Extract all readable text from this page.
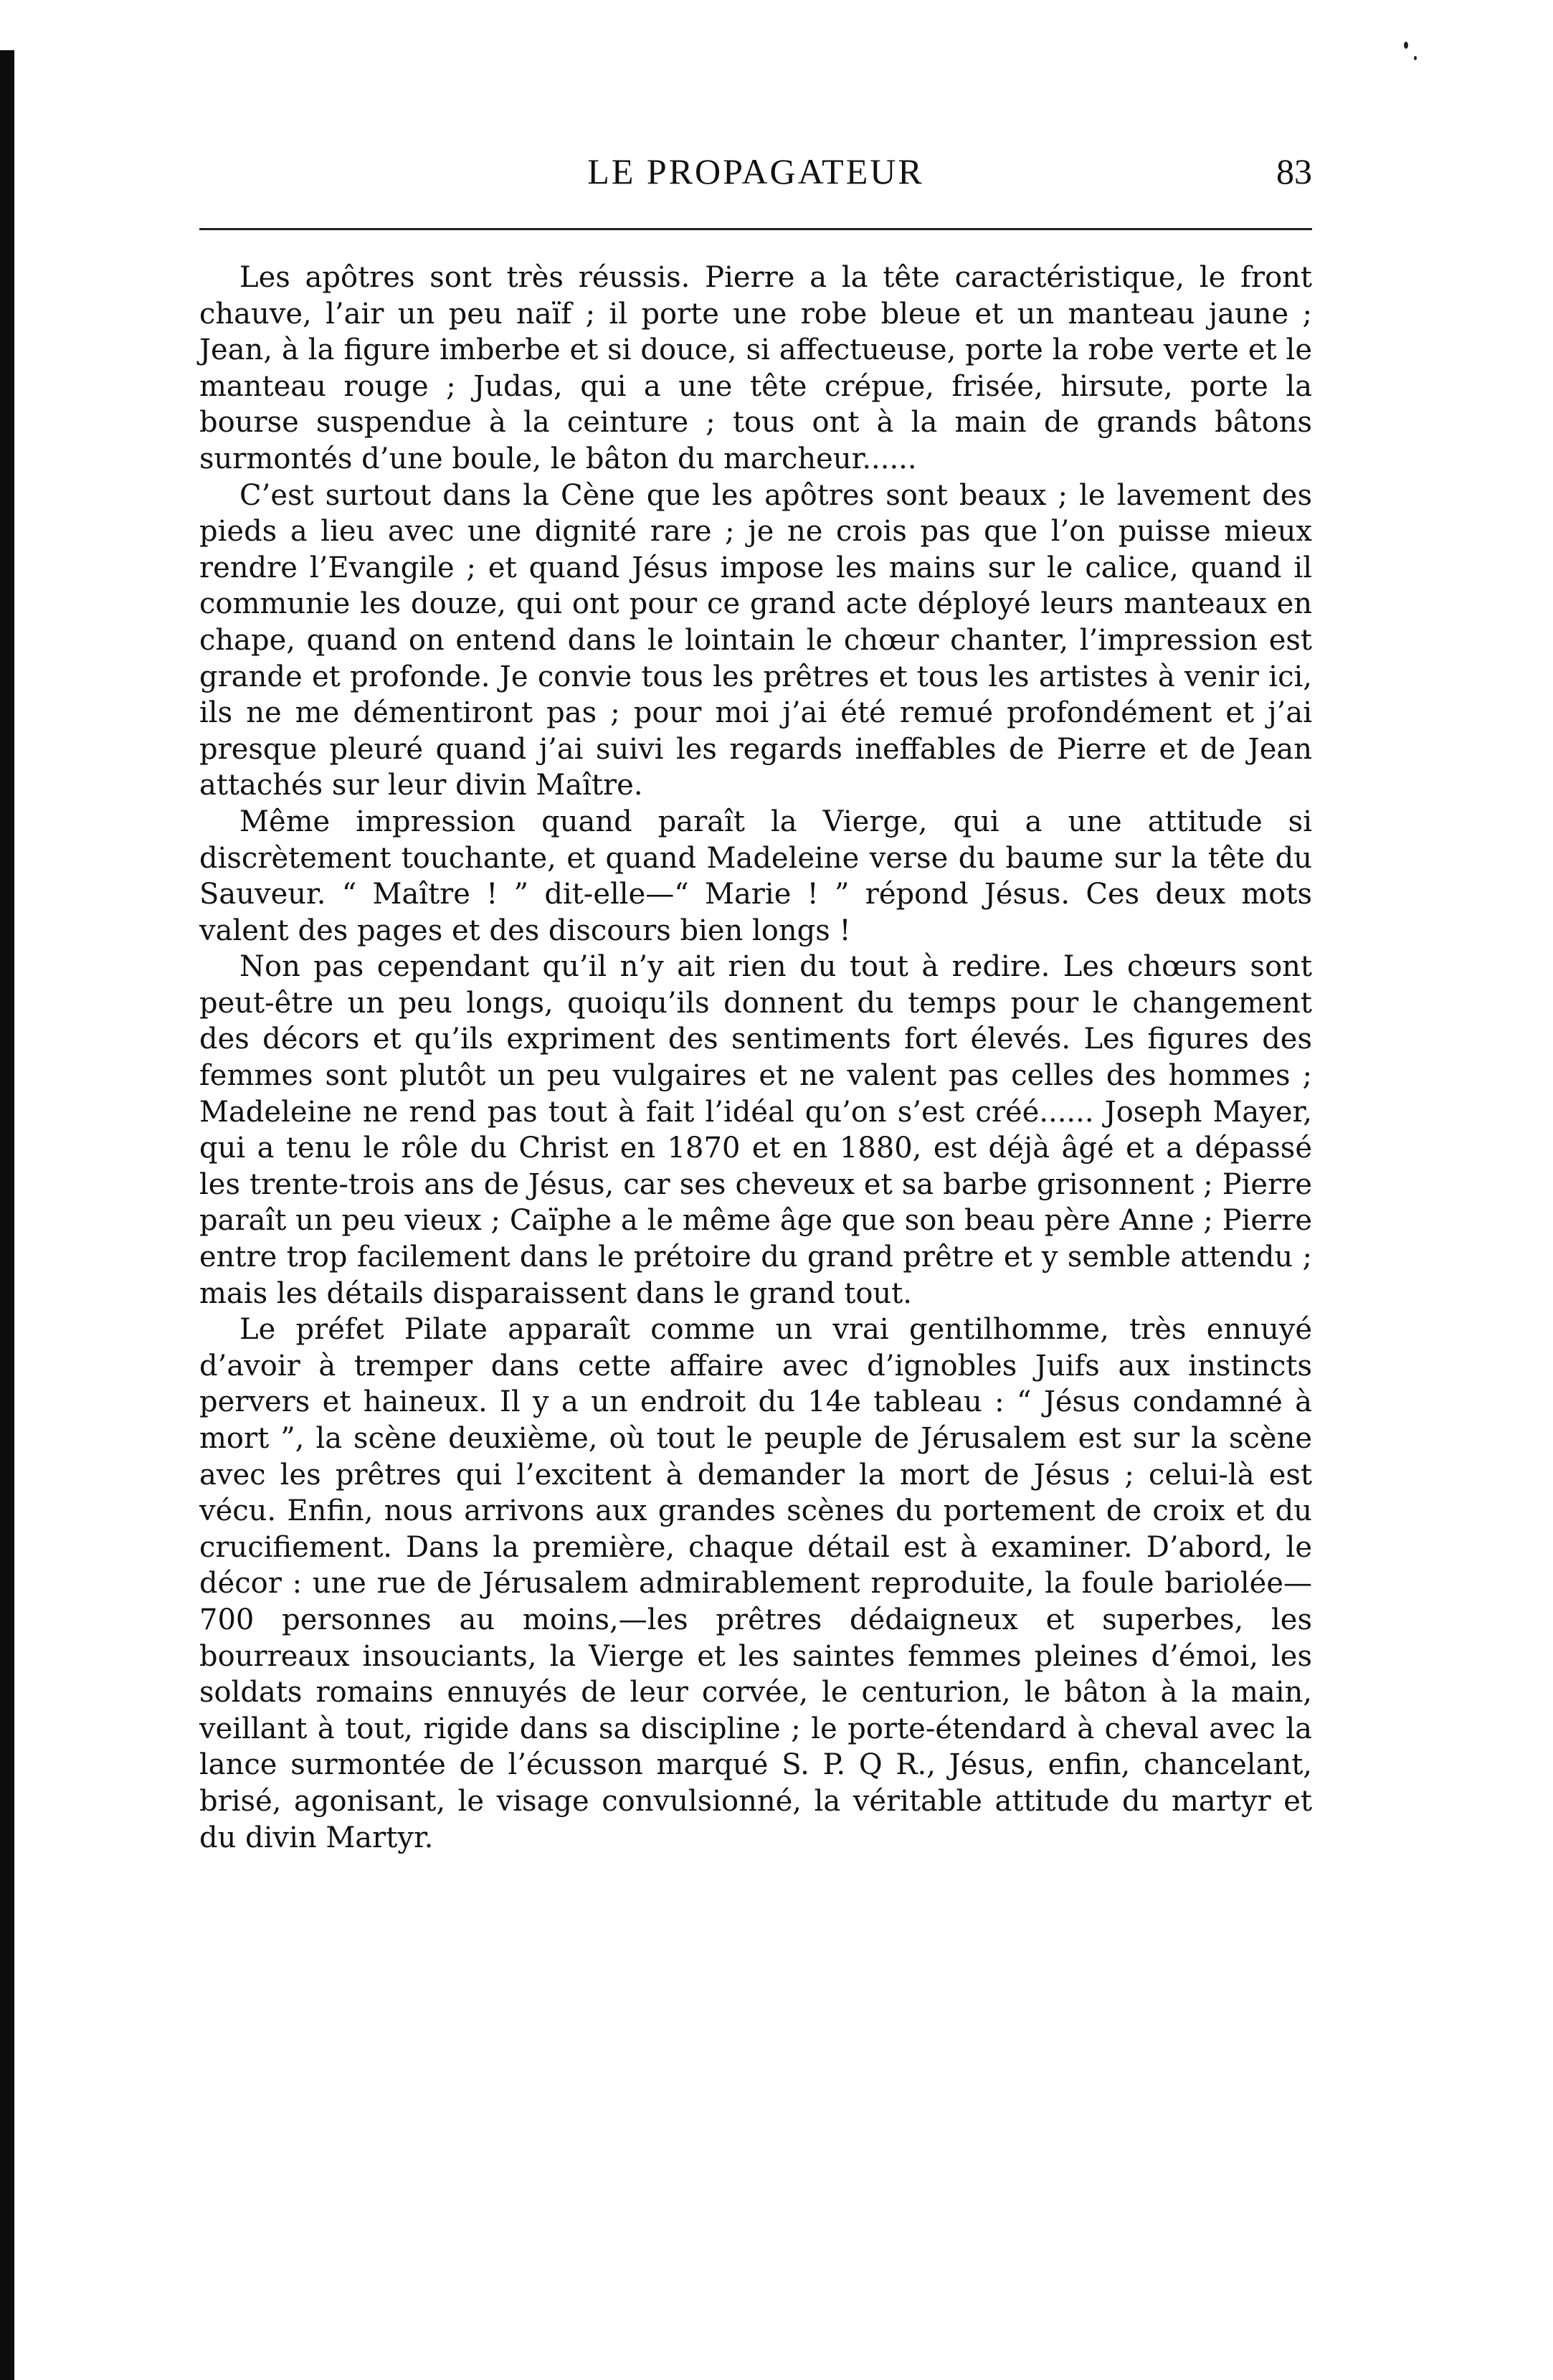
LE PROPAGATEUR	83

Les apôtres sont très réussis. Pierre a la tête caractéristique, le front chauve, l’air un peu naïf ; il porte une robe bleue et un manteau jaune ; Jean, à la figure imberbe et si douce, si affectueuse, porte la robe verte et le manteau rouge ; Judas, qui a une tête crépue, frisée, hirsute, porte la bourse suspendue à la ceinture ; tous ont à la main de grands bâtons surmontés d’une boule, le bâton du marcheur......

C’est surtout dans la Cène que les apôtres sont beaux ; le lavement des pieds a lieu avec une dignité rare ; je ne crois pas que l’on puisse mieux rendre l’Evangile ; et quand Jésus impose les mains sur le calice, quand il communie les douze, qui ont pour ce grand acte déployé leurs manteaux en chape, quand on entend dans le lointain le chœur chanter, l’impression est grande et profonde. Je convie tous les prêtres et tous les artistes à venir ici, ils ne me démentiront pas ; pour moi j’ai été remué profondément et j’ai presque pleuré quand j’ai suivi les regards ineffables de Pierre et de Jean attachés sur leur divin Maître.

Même impression quand paraît la Vierge, qui a une attitude si discrètement touchante, et quand Madeleine verse du baume sur la tête du Sauveur. “ Maître ! ” dit-elle—“ Marie ! ” répond Jésus. Ces deux mots valent des pages et des discours bien longs !

Non pas cependant qu’il n’y ait rien du tout à redire. Les chœurs sont peut-être un peu longs, quoiqu’ils donnent du temps pour le changement des décors et qu’ils expriment des sentiments fort élevés. Les figures des femmes sont plutôt un peu vulgaires et ne valent pas celles des hommes ; Madeleine ne rend pas tout à fait l’idéal qu’on s’est créé...... Joseph Mayer, qui a tenu le rôle du Christ en 1870 et en 1880, est déjà âgé et a dépassé les trente-trois ans de Jésus, car ses cheveux et sa barbe grisonnent ; Pierre paraît un peu vieux ; Caïphe a le même âge que son beau père Anne ; Pierre entre trop facilement dans le prétoire du grand prêtre et y semble attendu ; mais les détails disparaissent dans le grand tout.

Le préfet Pilate apparaît comme un vrai gentilhomme, très ennuyé d’avoir à tremper dans cette affaire avec d’ignobles Juifs aux instincts pervers et haineux. Il y a un endroit du 14e tableau : “ Jésus condamné à mort ”, la scène deuxième, où tout le peuple de Jérusalem est sur la scène avec les prêtres qui l’excitent à demander la mort de Jésus ; celui-là est vécu. Enfin, nous arrivons aux grandes scènes du portement de croix et du crucifiement. Dans la première, chaque détail est à examiner. D’abord, le décor : une rue de Jérusalem admirablement reproduite, la foule bariolée—700 personnes au moins,—les prêtres dédaigneux et superbes, les bourreaux insouciants, la Vierge et les saintes femmes pleines d’émoi, les soldats romains ennuyés de leur corvée, le centurion, le bâton à la main, veillant à tout, rigide dans sa discipline ; le porte-étendard à cheval avec la lance surmontée de l’écusson marqué S. P. Q R., Jésus, enfin, chancelant, brisé, agonisant, le visage convulsionné, la véritable attitude du martyr et du divin Martyr.
